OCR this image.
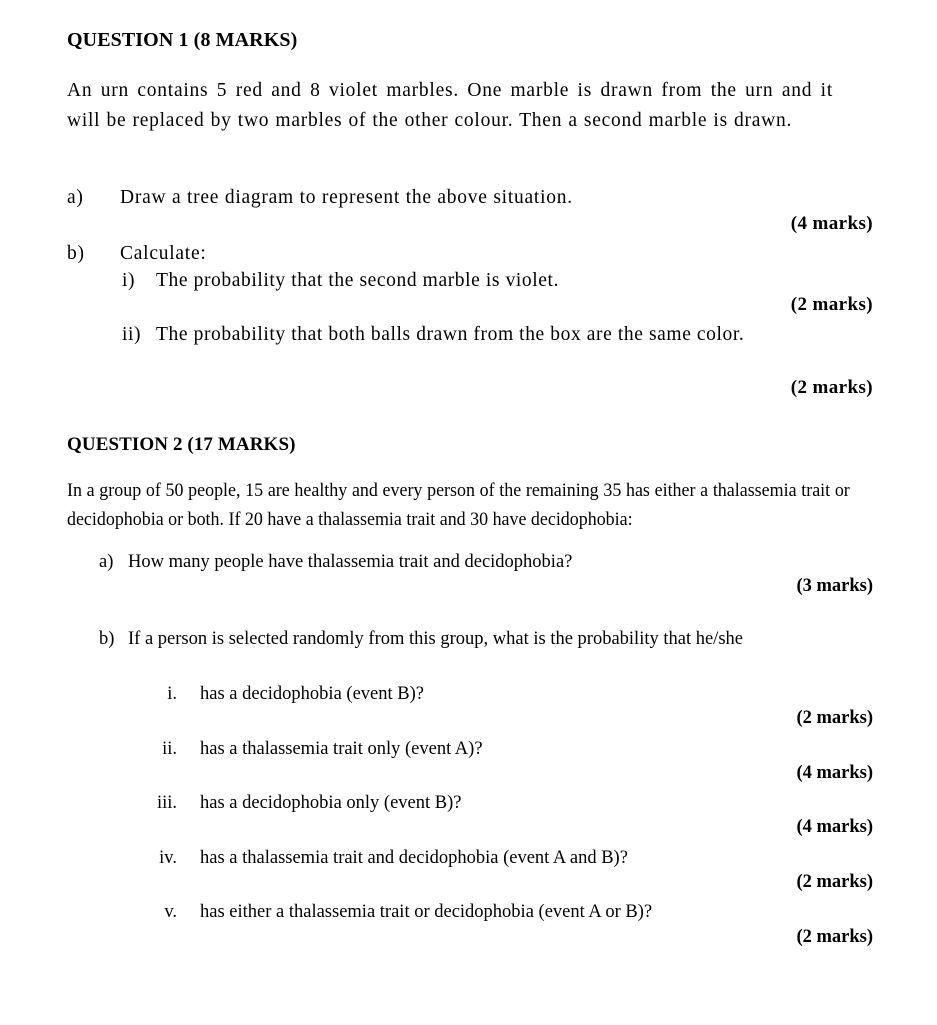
QUESTION 1 (8 MARKS)
An urn contains 5 red and 8 violet marbles. One marble is drawn from the urn and it will be replaced by two marbles of the other colour. Then a second marble is drawn.
a)	Draw a tree diagram to represent the above situation.
(4 marks)
b)	Calculate:
i)	The probability that the second marble is violet.
(2 marks)
ii) The probability that both balls drawn from the box are the same color.
(2 marks)
QUESTION 2 (17 MARKS)
In a group of 50 people, 15 are healthy and every person of the remaining 35 has either a thalassemia trait or decidophobia or both. If 20 have a thalassemia trait and 30 have decidophobia:
a) How many people have thalassemia trait and decidophobia?
(3 marks)
b) If a person is selected randomly from this group, what is the probability that he/she
i.	has a decidophobia (event B)?
(2 marks)
ii.	has a thalassemia trait only (event A)?
(4 marks)
iii.	has a decidophobia only (event B)?
(4 marks)
iv.	has a thalassemia trait and decidophobia (event A and B)?
(2 marks)
v.	has either a thalassemia trait or decidophobia (event A or B)?
(2 marks)
